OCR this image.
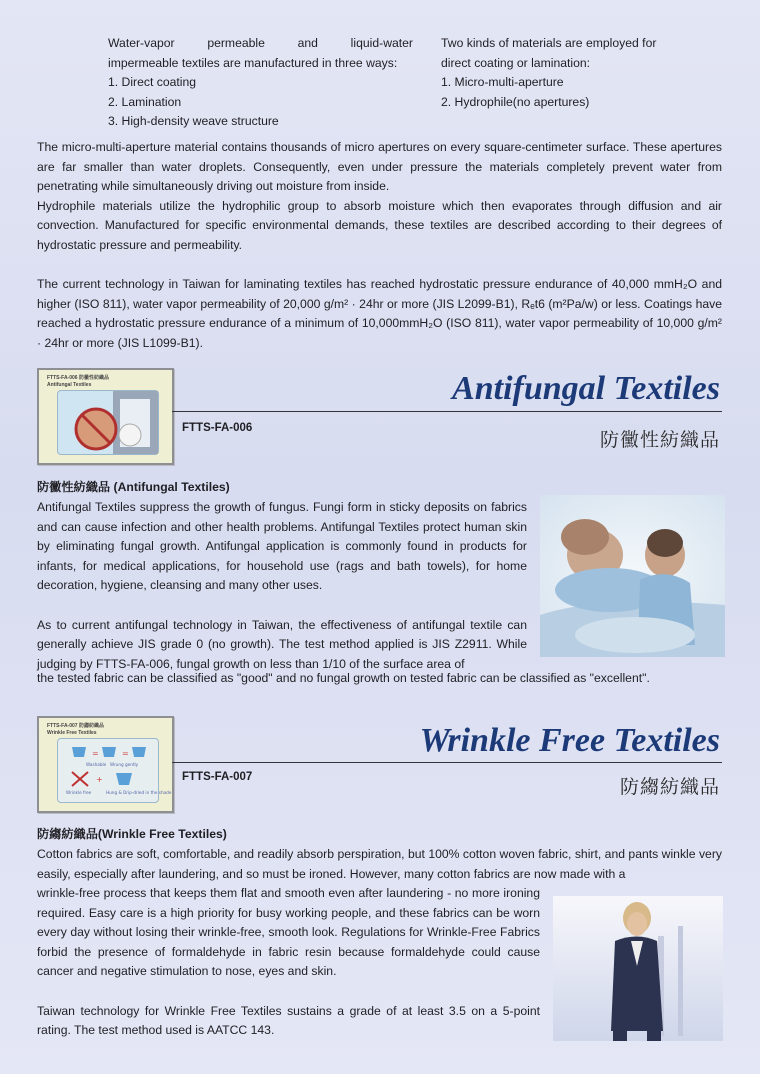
Water-vapor permeable and liquid-water
impermeable textiles are manufactured in three ways:
1. Direct coating
2. Lamination
3. High-density weave structure
Two kinds of materials are employed for
direct coating or lamination:
1. Micro-multi-aperture
2. Hydrophile(no apertures)

The micro-multi-aperture material contains thousands of micro apertures on every square-centimeter surface. These apertures are far smaller than water droplets. Consequently, even under pressure the materials completely prevent water from penetrating while simultaneously driving out moisture from inside.

Hydrophile materials utilize the hydrophilic group to absorb moisture which then evaporates through diffusion and air convection. Manufactured for specific environmental demands, these textiles are described according to their degrees of hydrostatic pressure and permeability.

The current technology in Taiwan for laminating textiles has reached hydrostatic pressure endurance of 40,000 mmH₂O and higher (ISO 811), water vapor permeability of 20,000 g/m² · 24hr or more (JIS L2099-B1), Rₑt6 (m²Pa/w) or less. Coatings have reached a hydrostatic pressure endurance of a minimum of 10,000mmH₂O (ISO 811), water vapor permeability of 10,000 g/m² · 24hr or more (JIS L1099-B1).

FTTS-FA-006 防黴性紡織品
Antifungal Textiles
FTTS-FA-006
Antifungal Textiles
防黴性紡織品
防黴性紡織品 (Antifungal Textiles)

Antifungal Textiles suppress the growth of fungus. Fungi form in sticky deposits on fabrics and can cause infection and other health problems. Antifungal Textiles protect human skin by eliminating fungal growth. Antifungal application is commonly found in products for infants, for medical applications, for household use (rags and bath towels), for home decoration, hygiene, cleansing and many other uses.

As to current antifungal technology in Taiwan, the effectiveness of antifungal textile can generally achieve JIS grade 0 (no growth). The test method applied is JIS Z2911. While judging by FTTS-FA-006, fungal growth on less than 1/10 of the surface area of

the tested fabric can be classified as "good" and no fungal growth on tested fabric can be classified as "excellent".
FTTS-FA-007 防縐紡織品
Wrinkle Free Textiles
=	=
Washable Wrung gently
+
Wrinkle free	Hung & Drip-dried in the shade
FTTS-FA-007
Wrinkle Free Textiles
防縐紡織品
防縐紡織品(Wrinkle Free Textiles)
Cotton fabrics are soft, comfortable, and readily absorb perspiration, but 100% cotton woven fabric, shirt, and pants winkle very easily, especially after laundering, and so must be ironed. However, many cotton fabrics are now made with a

wrinkle-free process that keeps them flat and smooth even after laundering - no more ironing required. Easy care is a high priority for busy working people, and these fabrics can be worn every day without losing their wrinkle-free, smooth look. Regulations for Wrinkle-Free Fabrics forbid the presence of formaldehyde in fabric resin because formaldehyde could cause cancer and negative stimulation to nose, eyes and skin.

Taiwan technology for Wrinkle Free Textiles sustains a grade of at least 3.5 on a 5-point rating. The test method used is AATCC 143.
